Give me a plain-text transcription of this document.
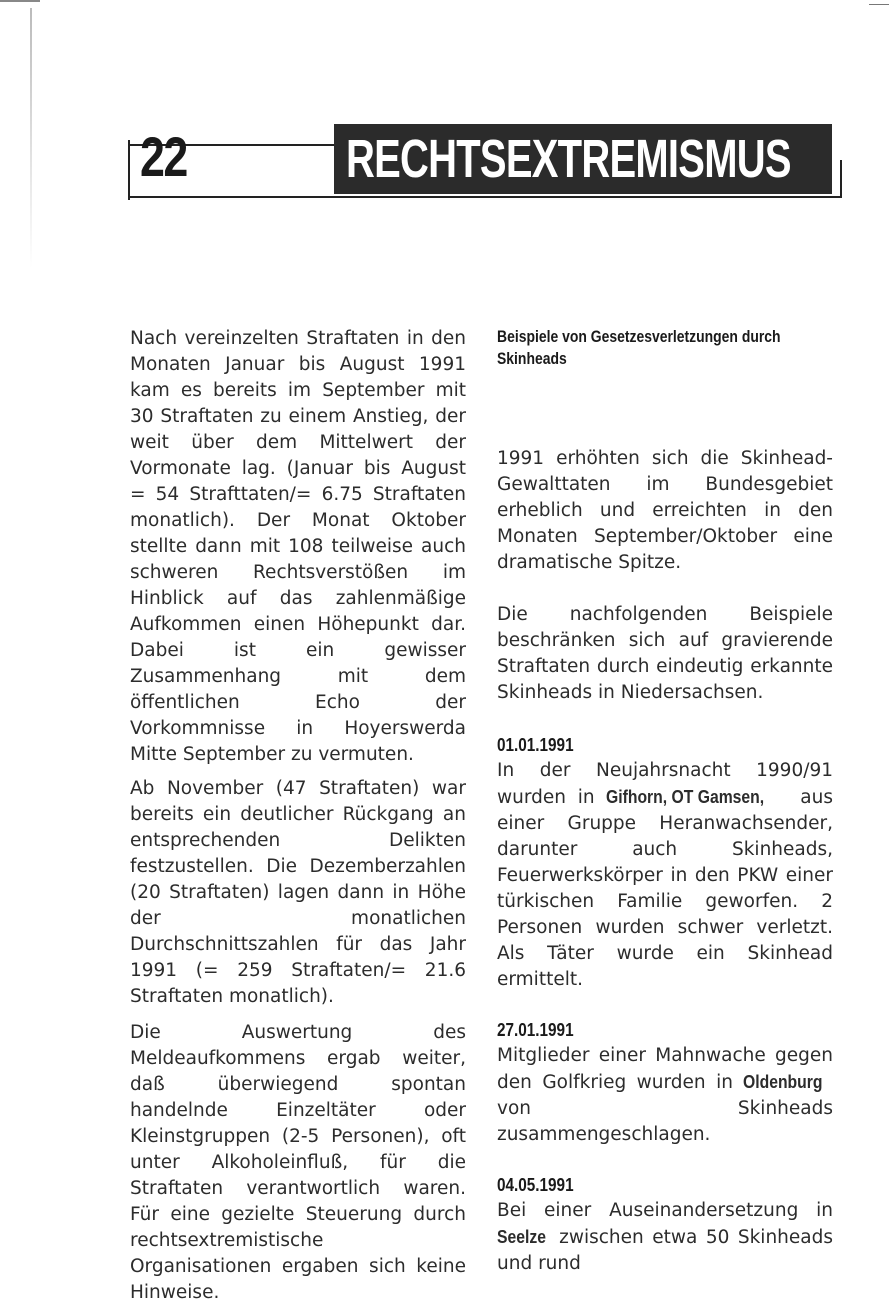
22	RECHTSEXTREMISMUS

Nach vereinzelten Straftaten in den Monaten Januar bis August 1991 kam es bereits im September mit 30 Straftaten zu einem Anstieg, der weit über dem Mittelwert der Vormonate lag. (Januar bis August = 54 Strafttaten/= 6.75 Straftaten monatlich). Der Monat Oktober stellte dann mit 108 teilweise auch schweren Rechtsverstößen im Hinblick auf das zahlenmäßige Aufkommen einen Höhepunkt dar. Dabei ist ein gewisser Zusammenhang mit dem öffentlichen Echo der Vorkommnisse in Hoyerswerda Mitte September zu vermuten.

Ab November (47 Straftaten) war bereits ein deutlicher Rückgang an entsprechenden Delikten festzustellen. Die Dezemberzahlen (20 Straftaten) lagen dann in Höhe der monatlichen Durchschnittszahlen für das Jahr 1991 (= 259 Straftaten/= 21.6 Straftaten monatlich).

Die Auswertung des Meldeaufkommens ergab weiter, daß überwiegend spontan handelnde Einzeltäter oder Kleinstgruppen (2-5 Personen), oft unter Alkoholeinfluß, für die Straftaten verantwortlich waren. Für eine gezielte Steuerung durch rechtsextremistische Organisationen ergaben sich keine Hinweise.

Beispiele von Gesetzesverletzungen durch Skinheads

1991 erhöhten sich die Skinhead-Gewalttaten im Bundesgebiet erheblich und erreichten in den Monaten September/Oktober eine dramatische Spitze.

Die nachfolgenden Beispiele beschränken sich auf gravierende Straftaten durch eindeutig erkannte Skinheads in Niedersachsen.

01.01.1991

In der Neujahrsnacht 1990/91 wurden in Gifhorn, OT Gamsen, aus einer Gruppe Heranwachsender, darunter auch Skinheads, Feuerwerkskörper in den PKW einer türkischen Familie geworfen. 2 Personen wurden schwer verletzt. Als Täter wurde ein Skinhead ermittelt.

27.01.1991

Mitglieder einer Mahnwache gegen den Golfkrieg wurden in Oldenburg von Skinheads zusammengeschlagen.

04.05.1991

Bei einer Auseinandersetzung in Seelze zwischen etwa 50 Skinheads und rund
